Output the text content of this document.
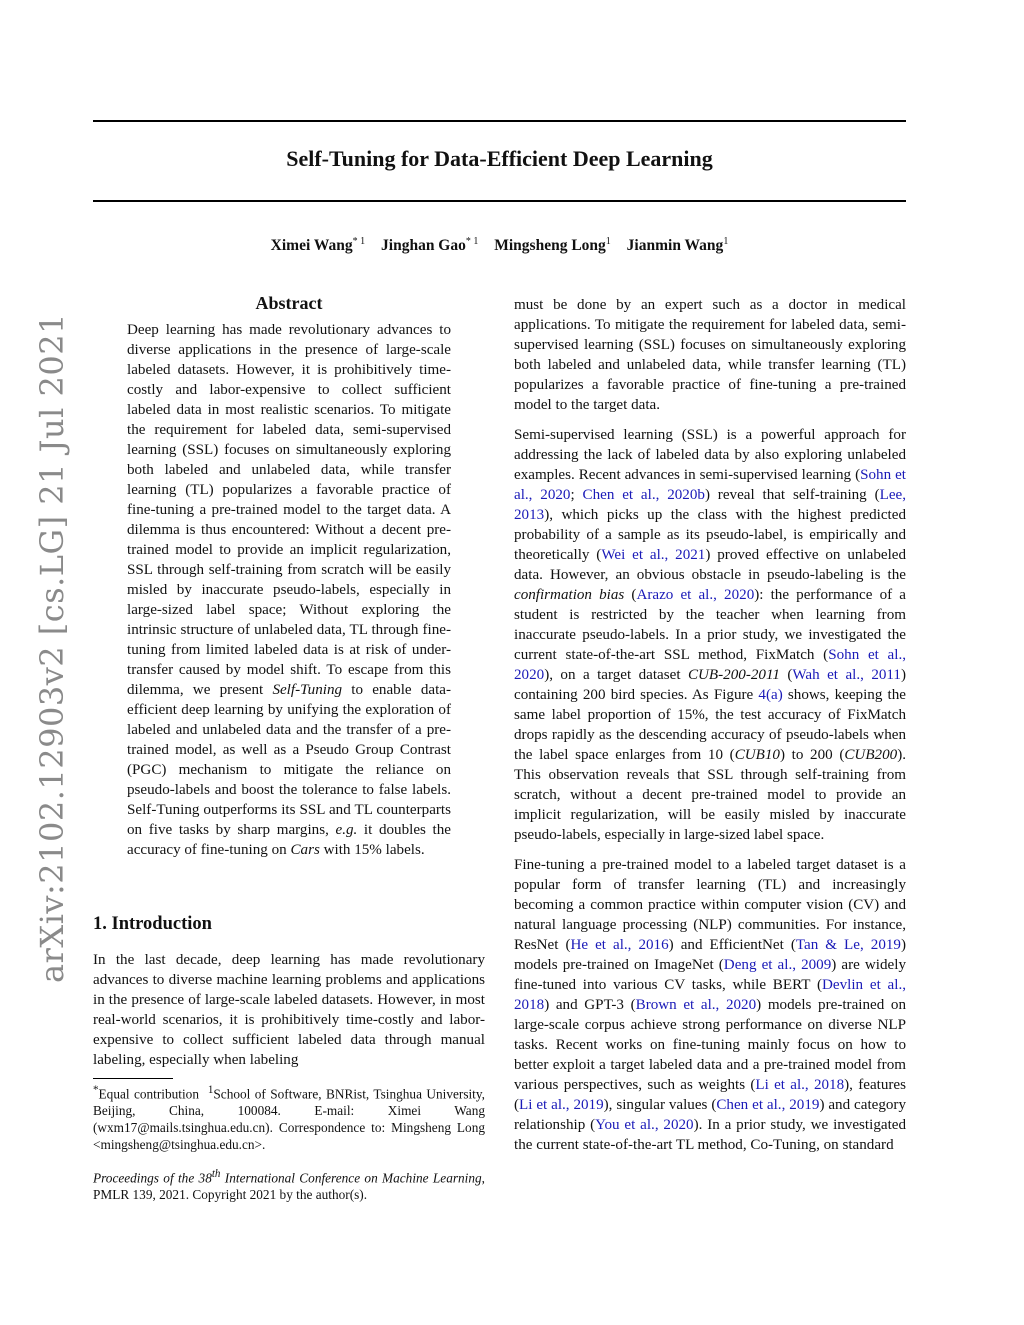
arXiv:2102.12903v2 [cs.LG] 21 Jul 2021
Self-Tuning for Data-Efficient Deep Learning
Ximei Wang$^{* 1}$ Jinghan Gao$^{* 1}$ Mingsheng Long$^1$ Jianmin Wang$^1$
Abstract
Deep learning has made revolutionary advances to diverse applications in the presence of large-scale labeled datasets. However, it is prohibitively time-costly and labor-expensive to collect sufficient labeled data in most realistic scenarios. To mitigate the requirement for labeled data, semi-supervised learning (SSL) focuses on simultaneously exploring both labeled and unlabeled data, while transfer learning (TL) popularizes a favorable practice of fine-tuning a pre-trained model to the target data. A dilemma is thus encountered: Without a decent pre-trained model to provide an implicit regularization, SSL through self-training from scratch will be easily misled by inaccurate pseudo-labels, especially in large-sized label space; Without exploring the intrinsic structure of unlabeled data, TL through fine-tuning from limited labeled data is at risk of under-transfer caused by model shift. To escape from this dilemma, we present Self-Tuning to enable data-efficient deep learning by unifying the exploration of labeled and unlabeled data and the transfer of a pre-trained model, as well as a Pseudo Group Contrast (PGC) mechanism to mitigate the reliance on pseudo-labels and boost the tolerance to false labels. Self-Tuning outperforms its SSL and TL counterparts on five tasks by sharp margins, e.g. it doubles the accuracy of fine-tuning on Cars with 15% labels.
1. Introduction
In the last decade, deep learning has made revolutionary advances to diverse machine learning problems and applications in the presence of large-scale labeled datasets. However, in most real-world scenarios, it is prohibitively time-costly and labor-expensive to collect sufficient labeled data through manual labeling, especially when labeling
*Equal contribution $^1$School of Software, BNRist, Tsinghua University, Beijing, China, 100084. E-mail: Ximei Wang (wxm17@mails.tsinghua.edu.cn). Correspondence to: Mingsheng Long <mingsheng@tsinghua.edu.cn>.
Proceedings of the 38th International Conference on Machine Learning, PMLR 139, 2021. Copyright 2021 by the author(s).

must be done by an expert such as a doctor in medical applications. To mitigate the requirement for labeled data, semi-supervised learning (SSL) focuses on simultaneously exploring both labeled and unlabeled data, while transfer learning (TL) popularizes a favorable practice of fine-tuning a pre-trained model to the target data.

Semi-supervised learning (SSL) is a powerful approach for addressing the lack of labeled data by also exploring unlabeled examples. Recent advances in semi-supervised learning (Sohn et al., 2020; Chen et al., 2020b) reveal that self-training (Lee, 2013), which picks up the class with the highest predicted probability of a sample as its pseudo-label, is empirically and theoretically (Wei et al., 2021) proved effective on unlabeled data. However, an obvious obstacle in pseudo-labeling is the confirmation bias (Arazo et al., 2020): the performance of a student is restricted by the teacher when learning from inaccurate pseudo-labels. In a prior study, we investigated the current state-of-the-art SSL method, FixMatch (Sohn et al., 2020), on a target dataset CUB-200-2011 (Wah et al., 2011) containing 200 bird species. As Figure 4(a) shows, keeping the same label proportion of 15%, the test accuracy of FixMatch drops rapidly as the descending accuracy of pseudo-labels when the label space enlarges from 10 (CUB10) to 200 (CUB200). This observation reveals that SSL through self-training from scratch, without a decent pre-trained model to provide an implicit regularization, will be easily misled by inaccurate pseudo-labels, especially in large-sized label space.

Fine-tuning a pre-trained model to a labeled target dataset is a popular form of transfer learning (TL) and increasingly becoming a common practice within computer vision (CV) and natural language processing (NLP) communities. For instance, ResNet (He et al., 2016) and EfficientNet (Tan & Le, 2019) models pre-trained on ImageNet (Deng et al., 2009) are widely fine-tuned into various CV tasks, while BERT (Devlin et al., 2018) and GPT-3 (Brown et al., 2020) models pre-trained on large-scale corpus achieve strong performance on diverse NLP tasks. Recent works on fine-tuning mainly focus on how to better exploit a target labeled data and a pre-trained model from various perspectives, such as weights (Li et al., 2018), features (Li et al., 2019), singular values (Chen et al., 2019) and category relationship (You et al., 2020). In a prior study, we investigated the current state-of-the-art TL method, Co-Tuning, on standard
